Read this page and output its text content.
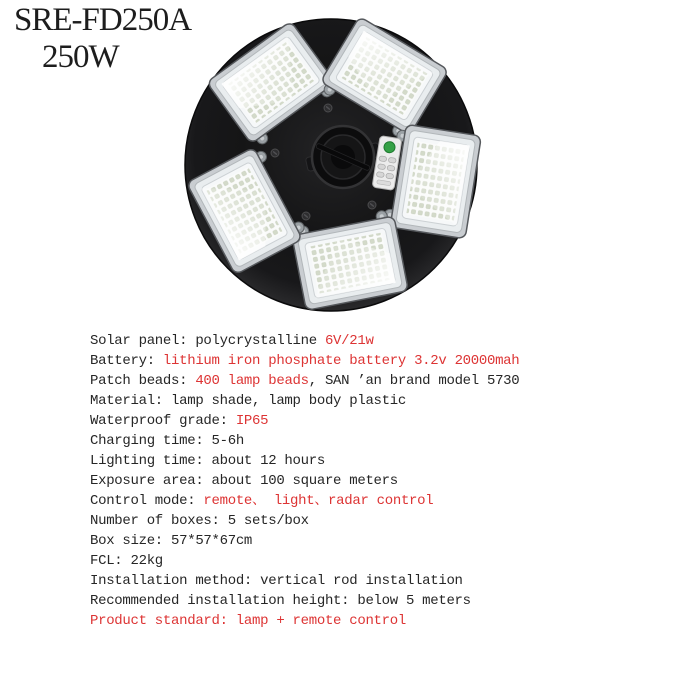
SRE-FD250A
250W
Solar panel: polycrystalline 6V/21w
Battery: lithium iron phosphate battery 3.2v 20000mah
Patch beads: 400 lamp beads, SAN ’an brand model 5730
Material: lamp shade, lamp body plastic
Waterproof grade: IP65
Charging time: 5-6h
Lighting time: about 12 hours
Exposure area: about 100 square meters
Control mode: remote、 light、radar control
Number of boxes: 5 sets/box
Box size: 57*57*67cm
FCL: 22kg
Installation method: vertical rod installation
Recommended installation height: below 5 meters
Product standard: lamp + remote control
